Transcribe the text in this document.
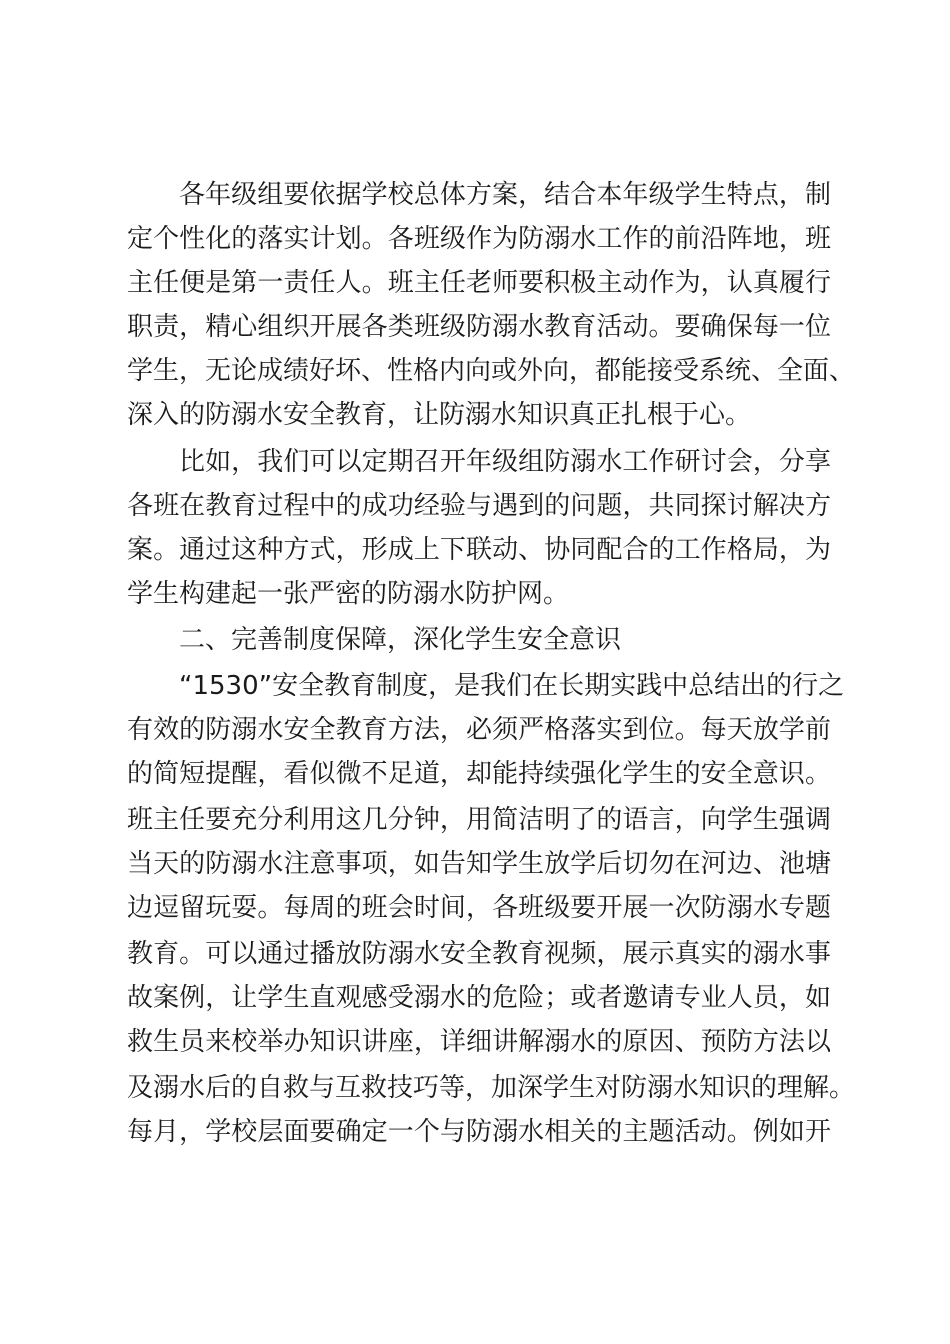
各年级组要依据学校总体方案，结合本年级学生特点，制
定个性化的落实计划。各班级作为防溺水工作的前沿阵地，班
主任便是第一责任人。班主任老师要积极主动作为，认真履行
职责，精心组织开展各类班级防溺水教育活动。要确保每一位
学生，无论成绩好坏、性格内向或外向，都能接受系统、全面、
深入的防溺水安全教育，让防溺水知识真正扎根于心。
比如，我们可以定期召开年级组防溺水工作研讨会，分享
各班在教育过程中的成功经验与遇到的问题，共同探讨解决方
案。通过这种方式，形成上下联动、协同配合的工作格局，为
学生构建起一张严密的防溺水防护网。
二、完善制度保障，深化学生安全意识
“1530”安全教育制度，是我们在长期实践中总结出的行之
有效的防溺水安全教育方法，必须严格落实到位。每天放学前
的简短提醒，看似微不足道，却能持续强化学生的安全意识。
班主任要充分利用这几分钟，用简洁明了的语言，向学生强调
当天的防溺水注意事项，如告知学生放学后切勿在河边、池塘
边逗留玩耍。每周的班会时间，各班级要开展一次防溺水专题
教育。可以通过播放防溺水安全教育视频，展示真实的溺水事
故案例，让学生直观感受溺水的危险；或者邀请专业人员，如
救生员来校举办知识讲座，详细讲解溺水的原因、预防方法以
及溺水后的自救与互救技巧等，加深学生对防溺水知识的理解。
每月，学校层面要确定一个与防溺水相关的主题活动。例如开
